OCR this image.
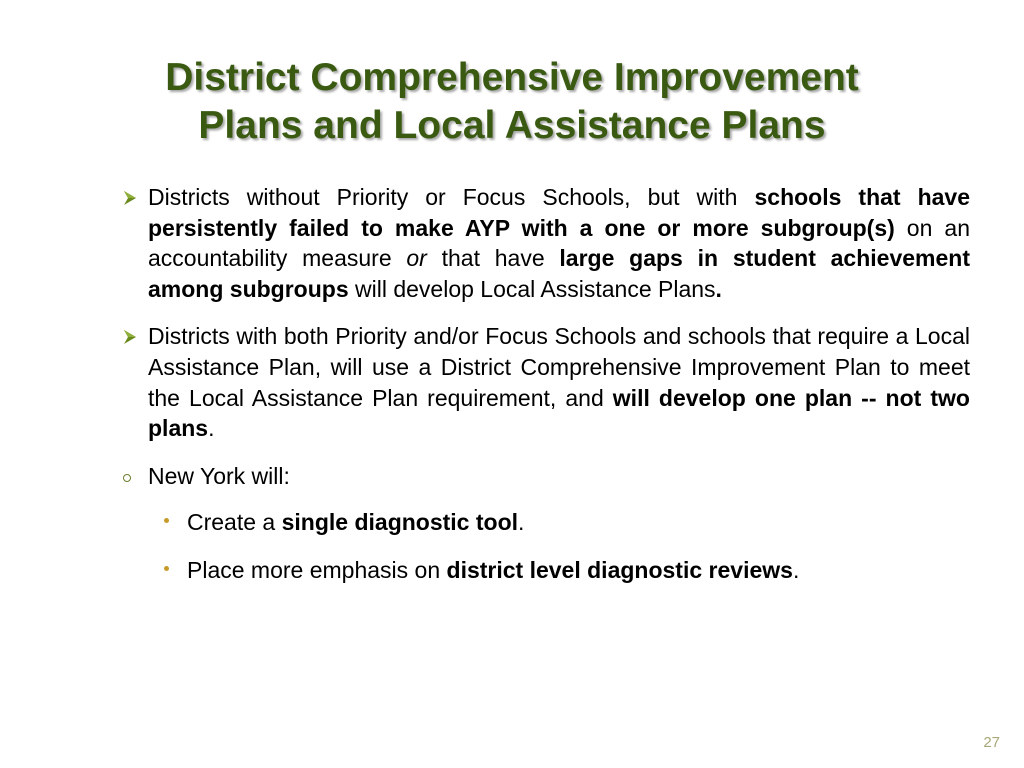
District Comprehensive Improvement
Plans and Local Assistance Plans

Districts without Priority or Focus Schools, but with schools that have persistently failed to make AYP with a one or more subgroup(s) on an accountability measure or that have large gaps in student achievement among subgroups will develop Local Assistance Plans.

Districts with both Priority and/or Focus Schools and schools that require a Local Assistance Plan, will use a District Comprehensive Improvement Plan to meet the Local Assistance Plan requirement, and will develop one plan -- not two plans.

New York will:

Create a single diagnostic tool.

Place more emphasis on district level diagnostic reviews.

27
